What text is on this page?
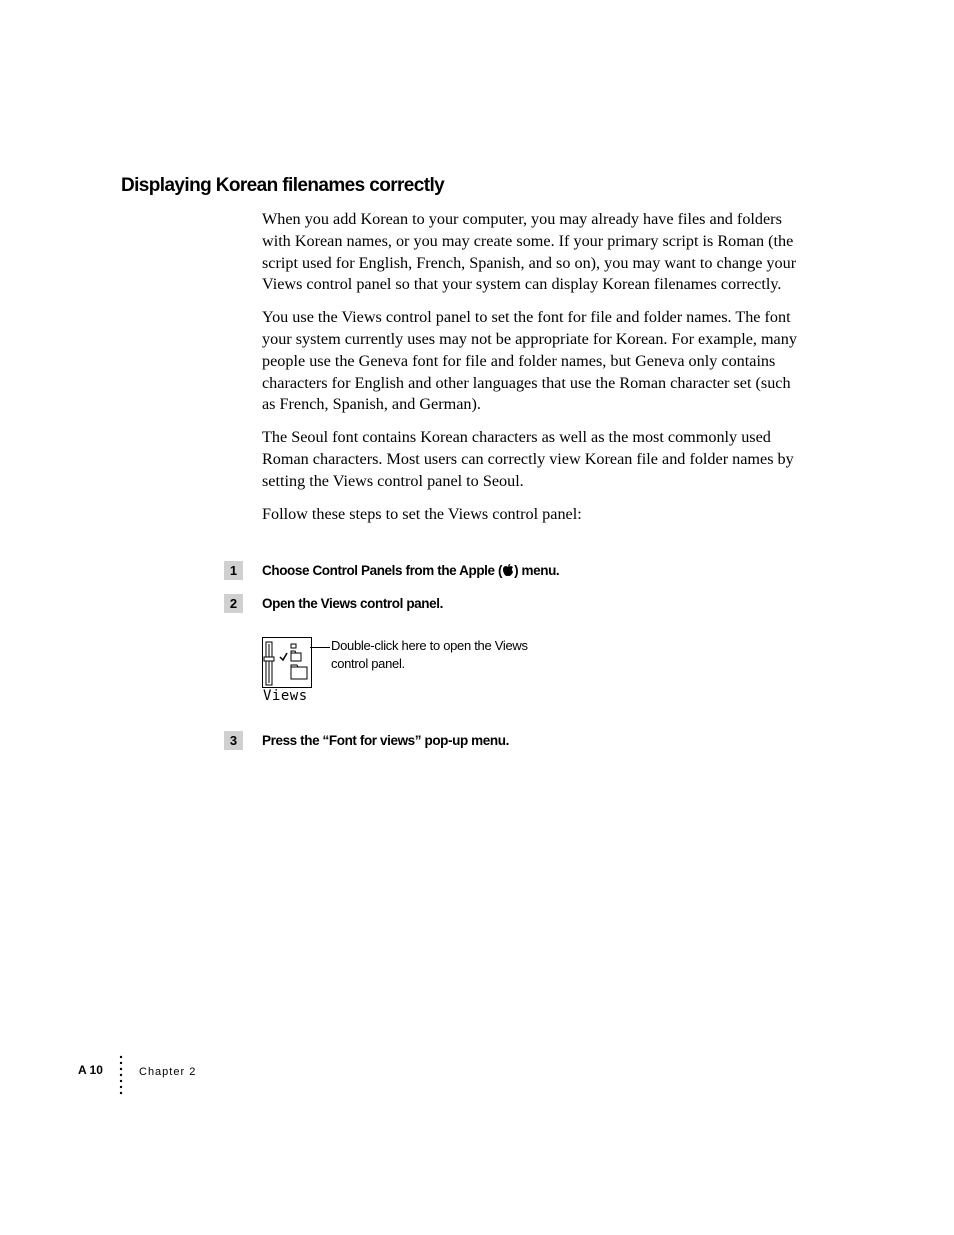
Displaying Korean filenames correctly

When you add Korean to your computer, you may already have files and folders with Korean names, or you may create some. If your primary script is Roman (the script used for English, French, Spanish, and so on), you may want to change your Views control panel so that your system can display Korean filenames correctly.

You use the Views control panel to set the font for file and folder names. The font your system currently uses may not be appropriate for Korean. For example, many people use the Geneva font for file and folder names, but Geneva only contains characters for English and other languages that use the Roman character set (such as French, Spanish, and German).

The Seoul font contains Korean characters as well as the most commonly used Roman characters. Most users can correctly view Korean file and folder names by setting the Views control panel to Seoul.

Follow these steps to set the Views control panel:

1	Choose Control Panels from the Apple ( ) menu.
2	Open the Views control panel.
Views
Double-click here to open the Views control panel.
3	Press the “Font for views” pop-up menu.
A 10	Chapter 2
